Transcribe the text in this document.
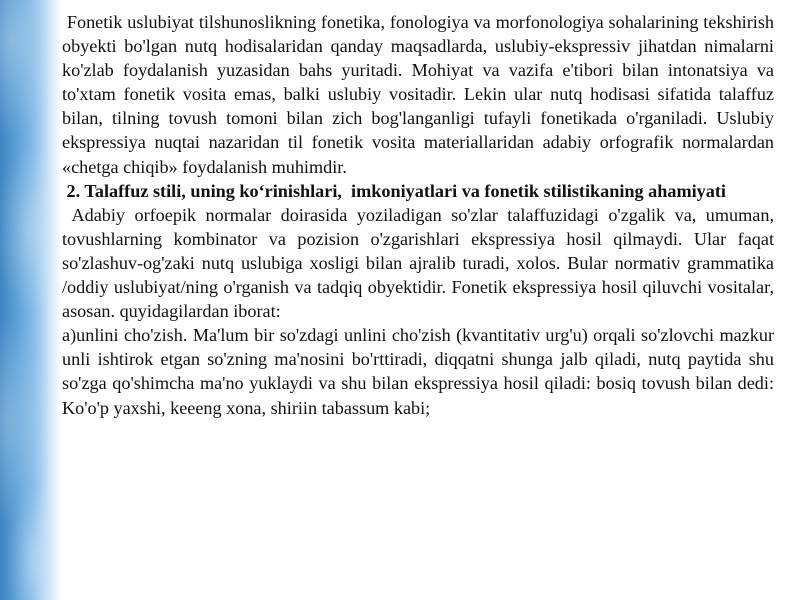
Fonetik uslubiyat tilshunoslikning fonetika, fonologiya va morfonologiya sohalarining tekshirish obyekti bo'lgan nutq hodisalaridan qanday maqsadlarda, uslubiy-ekspressiv jihatdan nimalarni ko'zlab foydalanish yuzasidan bahs yuritadi. Mohiyat va vazifa e'tibori bilan intonatsiya va to'xtam fonetik vosita emas, balki uslubiy vositadir. Lekin ular nutq hodisasi sifatida talaffuz bilan, tilning tovush tomoni bilan zich bog'langanligi tufayli fonetikada o'rganiladi. Uslubiy ekspressiya nuqtai nazaridan til fonetik vosita materiallaridan adabiy orfografik normalardan «chetga chiqib» foydalanish muhimdir.

2. Talaffuz stili, uning ko‘rinishlari,  imkoniyatlari va fonetik stilistikaning ahamiyati

Adabiy orfoepik normalar doirasida yoziladigan so'zlar talaffuzidagi o'zgalik va, umuman, tovushlarning kombinator va pozision o'zgarishlari ekspressiya hosil qilmaydi. Ular faqat so'zlashuv-og'zaki nutq uslubiga xosligi bilan ajralib turadi, xolos. Bular normativ grammatika /oddiy uslubiyat/ning o'rganish va tadqiq obyektidir. Fonetik ekspressiya hosil qiluvchi vositalar, asosan. quyidagilardan iborat:

a)unlini cho'zish. Ma'lum bir so'zdagi unlini cho'zish (kvantitativ urg'u) orqali so'zlovchi mazkur unli ishtirok etgan so'zning ma'nosini bo'rttiradi, diqqatni shunga jalb qiladi, nutq paytida shu so'zga qo'shimcha ma'no yuklaydi va shu bilan ekspressiya hosil qiladi: bosiq tovush bilan dedi: Ko'o'p yaxshi, keeeng xona, shiriin tabassum kabi;
